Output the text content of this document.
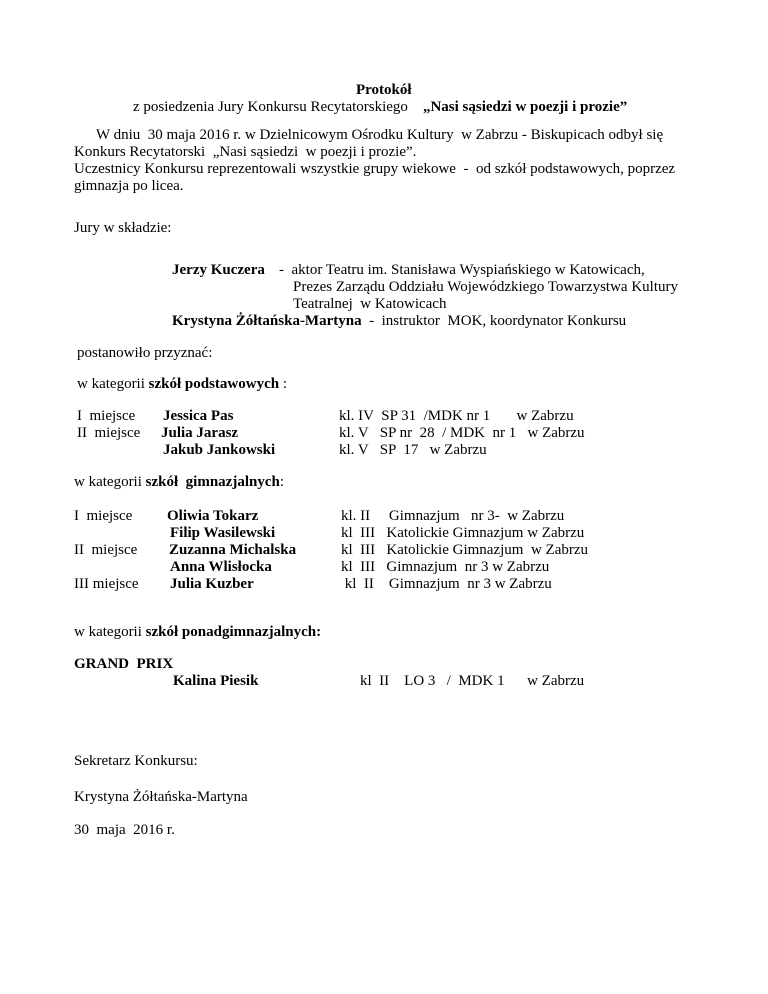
Protokół
z posiedzenia Jury Konkursu Recytatorskiego „Nasi sąsiedzi w poezji i prozie”
W dniu  30 maja 2016 r. w Dzielnicowym Ośrodku Kultury  w Zabrzu - Biskupicach odbył się
Konkurs Recytatorski  „Nasi sąsiedzi  w poezji i prozie”.
Uczestnicy Konkursu reprezentowali wszystkie grupy wiekowe  -  od szkół podstawowych, poprzez
gimnazja po licea.
Jury w składzie:
Jerzy Kuczera -  aktor Teatru im. Stanisława Wyspiańskiego w Katowicach,
Prezes Zarządu Oddziału Wojewódzkiego Towarzystwa Kultury
Teatralnej  w Katowicach
Krystyna Żółtańska-Martyna  -  instruktor  MOK, koordynator Konkursu
postanowiło przyznać:
w kategorii szkół podstawowych :
I  miejsce Jessica Pas	kl. IV  SP 31  /MDK nr 1       w Zabrzu
II  miejsce Julia Jarasz	kl. V   SP nr  28  / MDK  nr 1   w Zabrzu
Jakub Jankowski	kl. V   SP  17   w Zabrzu
w kategorii szkół  gimnazjalnych:
I  miejsce Oliwia Tokarz	kl. II     Gimnazjum   nr 3-  w Zabrzu
Filip Wasilewski	kl  III   Katolickie Gimnazjum w Zabrzu
II  miejsce Zuzanna Michalska	kl  III   Katolickie Gimnazjum  w Zabrzu
Anna Wlisłocka	kl  III   Gimnazjum  nr 3 w Zabrzu
III miejsce Julia Kuzber	kl  II    Gimnazjum  nr 3 w Zabrzu
w kategorii szkół ponadgimnazjalnych:
GRAND  PRIX
Kalina Piesik	kl  II    LO 3   /  MDK 1      w Zabrzu
Sekretarz Konkursu:
Krystyna Żółtańska-Martyna
30  maja  2016 r.
